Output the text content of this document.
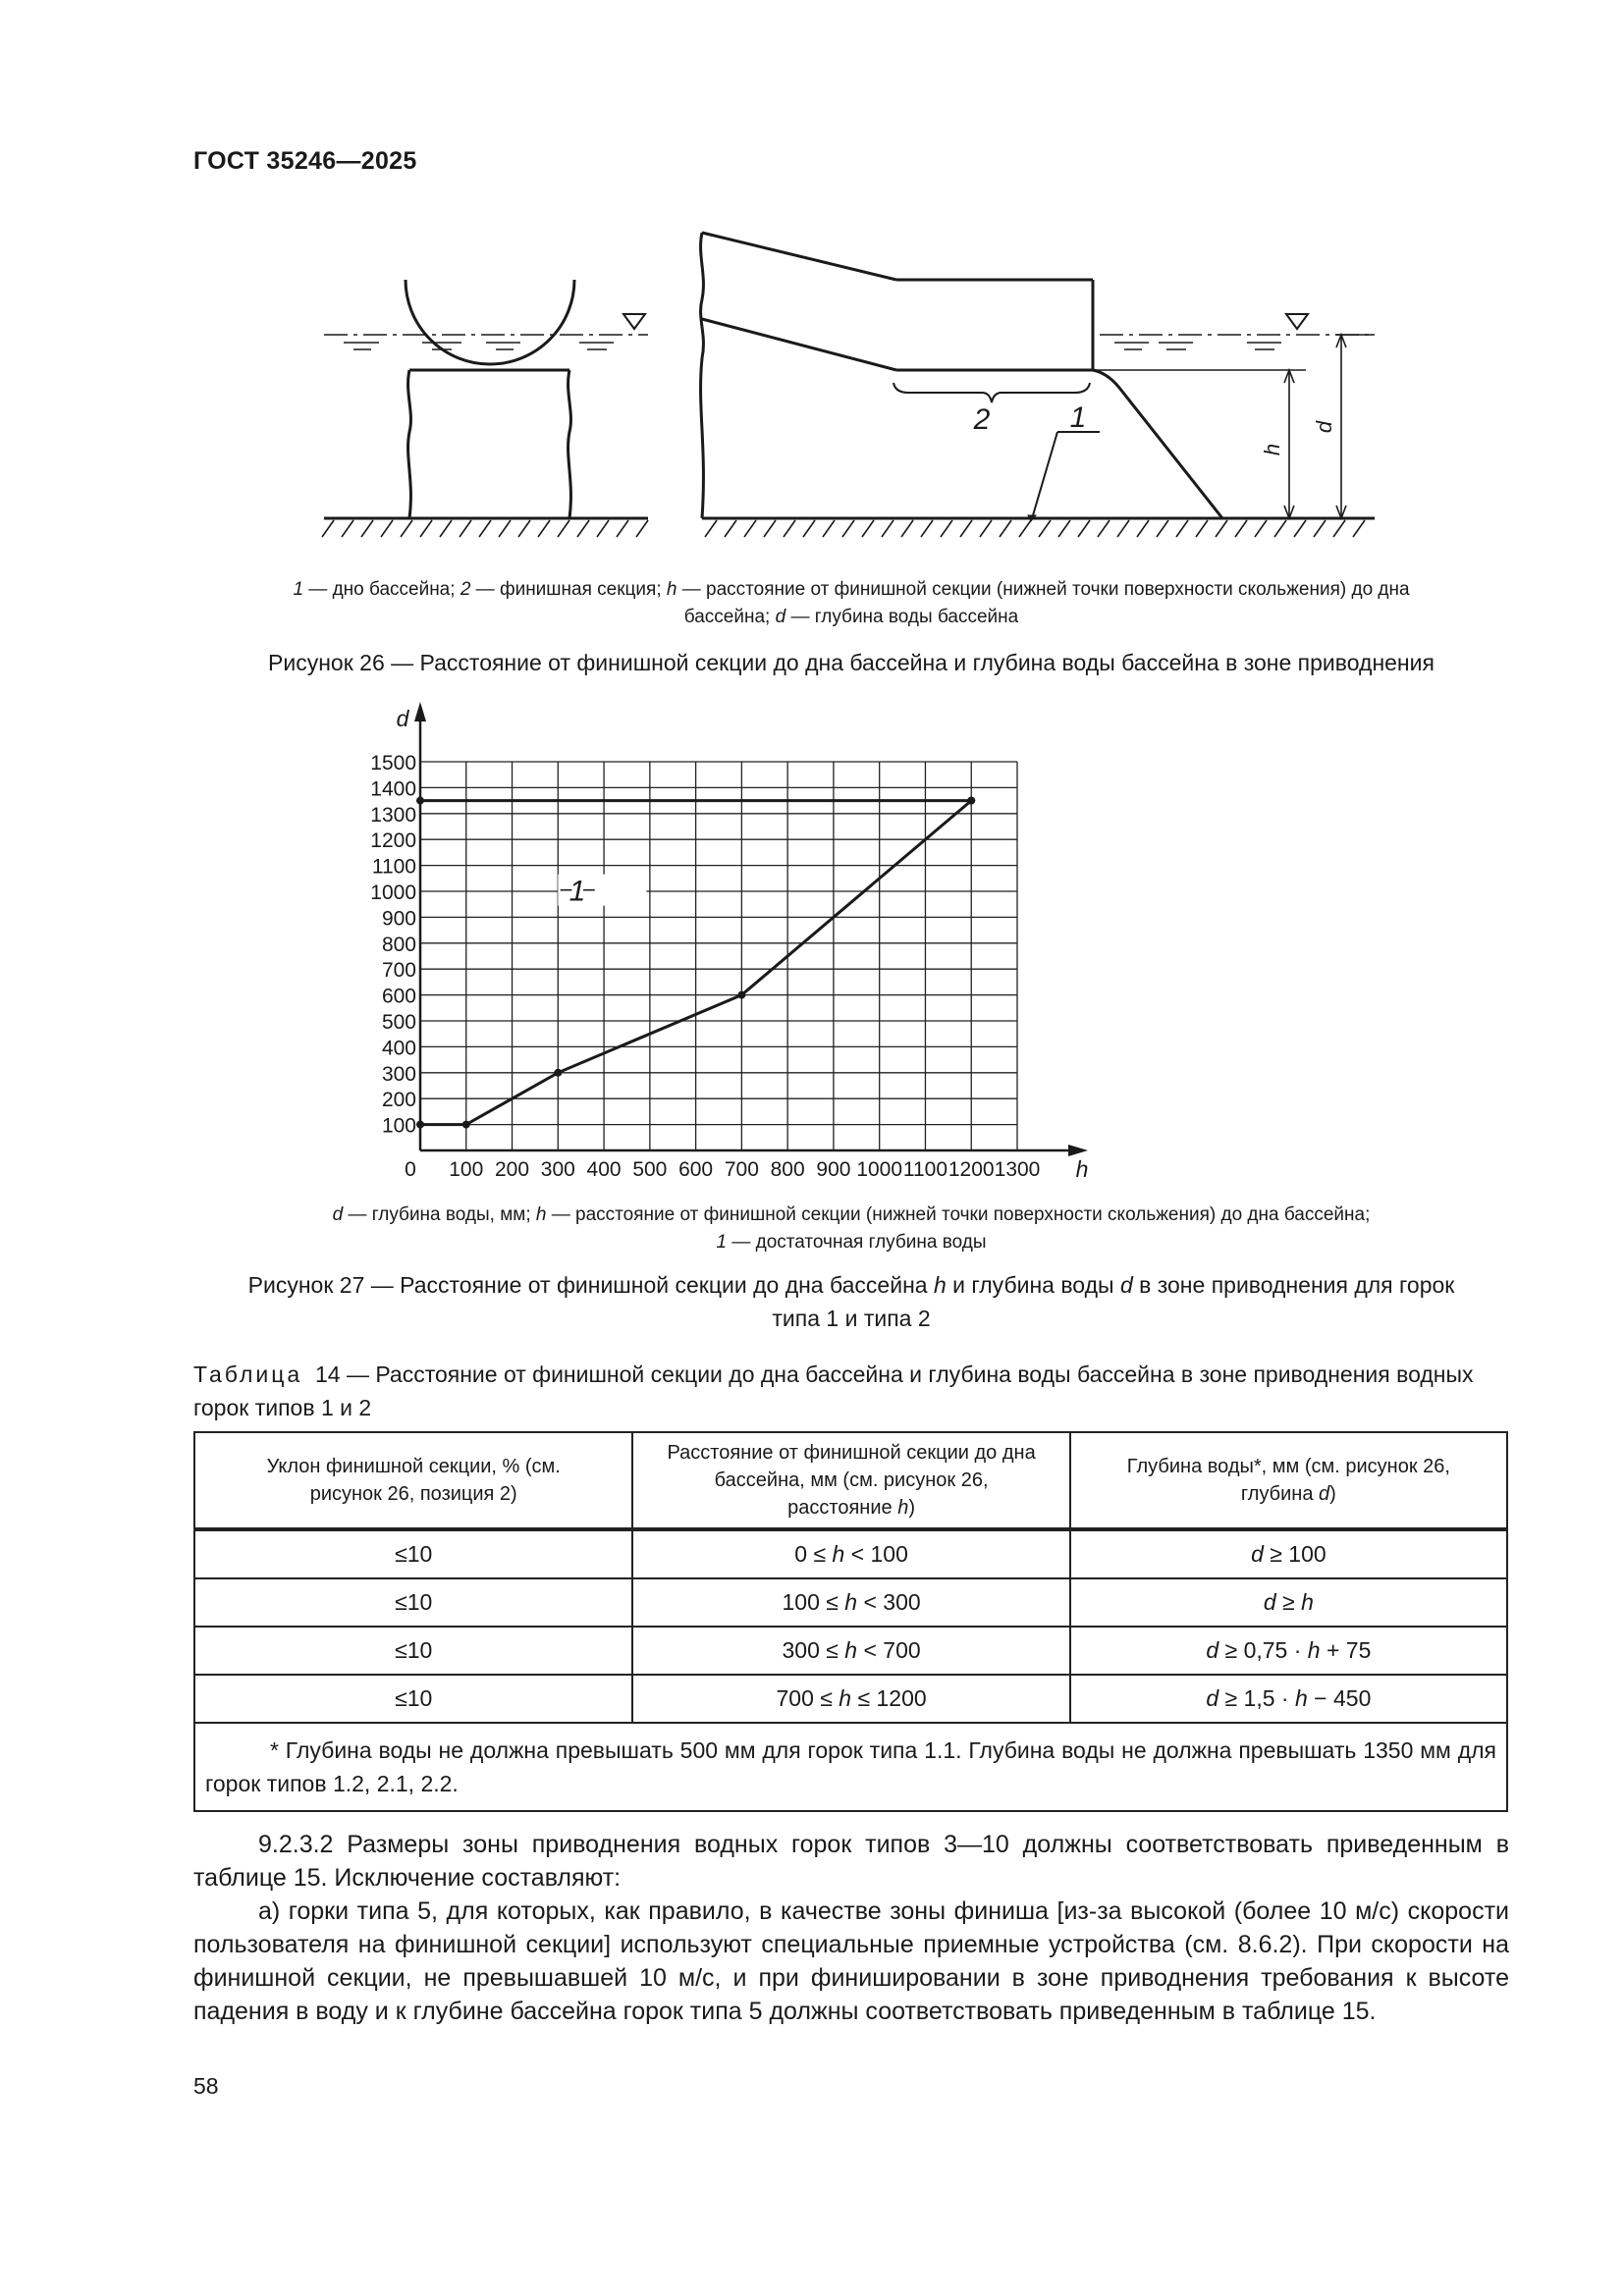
ГОСТ 35246—2025
2	1
h
d
1 — дно бассейна; 2 — финишная секция; h — расстояние от финишной секции (нижней точки поверхности скольжения) до дна
бассейна; d — глубина воды бассейна
Рисунок 26 — Расстояние от финишной секции до дна бассейна и глубина воды бассейна в зоне приводнения
0 100 200 300 400 500 600 700 800 900 1000 1100 1200 1300
100
200
300
400
500
600
700
800
900
1000
1100
1200
1300
1400
1500
1
h
d
d — глубина воды, мм; h — расстояние от финишной секции (нижней точки поверхности скольжения) до дна бассейна;
1 — достаточная глубина воды
Рисунок 27 — Расстояние от финишной секции до дна бассейна h и глубина воды d в зоне приводнения для горок
типа 1 и типа 2
Таблица 14 — Расстояние от финишной секции до дна бассейна и глубина воды бассейна в зоне приводнения водных горок типов 1 и 2
Уклон финишной секции, % (см. рисунок 26, позиция 2)	Расстояние от финишной секции до дна бассейна, мм (см. рисунок 26, расстояние h)	Глубина воды*, мм (см. рисунок 26, глубина d)

≤10	0 ≤ h < 100	d ≥ 100
≤10	100 ≤ h < 300	d ≥ h
≤10	300 ≤ h < 700	d ≥ 0,75 · h + 75
≤10	700 ≤ h ≤ 1200	d ≥ 1,5 · h − 450
* Глубина воды не должна превышать 500 мм для горок типа 1.1. Глубина воды не должна превышать 1350 мм для горок типов 1.2, 2.1, 2.2.		

9.2.3.2 Размеры зоны приводнения водных горок типов 3—10 должны соответствовать приведенным в таблице 15. Исключение составляют:

а) горки типа 5, для которых, как правило, в качестве зоны финиша [из-за высокой (более 10 м/с) скорости пользователя на финишной секции] используют специальные приемные устройства (см. 8.6.2). При скорости на финишной секции, не превышавшей 10 м/с, и при финишировании в зоне приводнения требования к высоте падения в воду и к глубине бассейна горок типа 5 должны соответствовать приведенным в таблице 15.

58
